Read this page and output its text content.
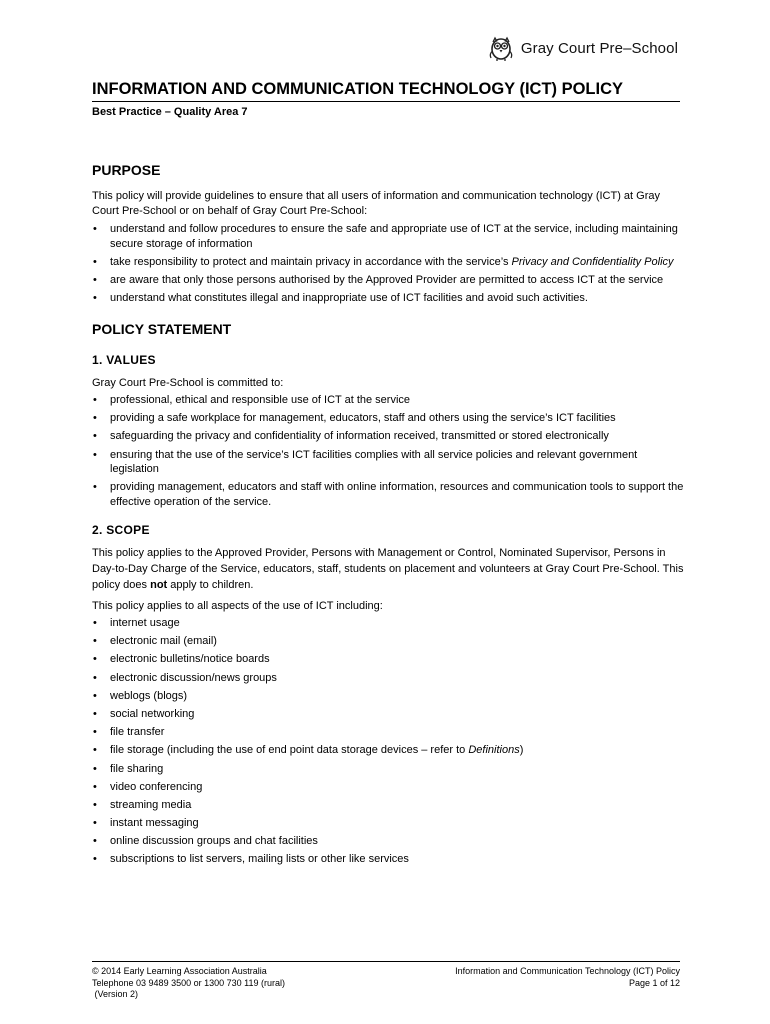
Gray Court Pre–School
INFORMATION AND COMMUNICATION TECHNOLOGY (ICT) POLICY
Best Practice – Quality Area 7
PURPOSE

This policy will provide guidelines to ensure that all users of information and communication technology (ICT) at Gray Court Pre-School or on behalf of Gray Court Pre-School:

• understand and follow procedures to ensure the safe and appropriate use of ICT at the service, including maintaining secure storage of information
• take responsibility to protect and maintain privacy in accordance with the service’s Privacy and Confidentiality Policy
• are aware that only those persons authorised by the Approved Provider are permitted to access ICT at the service
• understand what constitutes illegal and inappropriate use of ICT facilities and avoid such activities.
POLICY STATEMENT
1. VALUES

Gray Court Pre-School is committed to:

• professional, ethical and responsible use of ICT at the service
• providing a safe workplace for management, educators, staff and others using the service’s ICT facilities
• safeguarding the privacy and confidentiality of information received, transmitted or stored electronically
• ensuring that the use of the service’s ICT facilities complies with all service policies and relevant government legislation
• providing management, educators and staff with online information, resources and communication tools to support the effective operation of the service.
2. SCOPE

This policy applies to the Approved Provider, Persons with Management or Control, Nominated Supervisor, Persons in Day-to-Day Charge of the Service, educators, staff, students on placement and volunteers at Gray Court Pre-School. This policy does not apply to children.

This policy applies to all aspects of the use of ICT including:

• internet usage
• electronic mail (email)
• electronic bulletins/notice boards
• electronic discussion/news groups
• weblogs (blogs)
• social networking
• file transfer
• file storage (including the use of end point data storage devices – refer to Definitions)
• file sharing
• video conferencing
• streaming media
• instant messaging
• online discussion groups and chat facilities
• subscriptions to list servers, mailing lists or other like services
© 2014 Early Learning Association Australia
Telephone 03 9489 3500 or 1300 730 119 (rural)
(Version 2)
Information and Communication Technology (ICT) Policy
Page 1 of 12
